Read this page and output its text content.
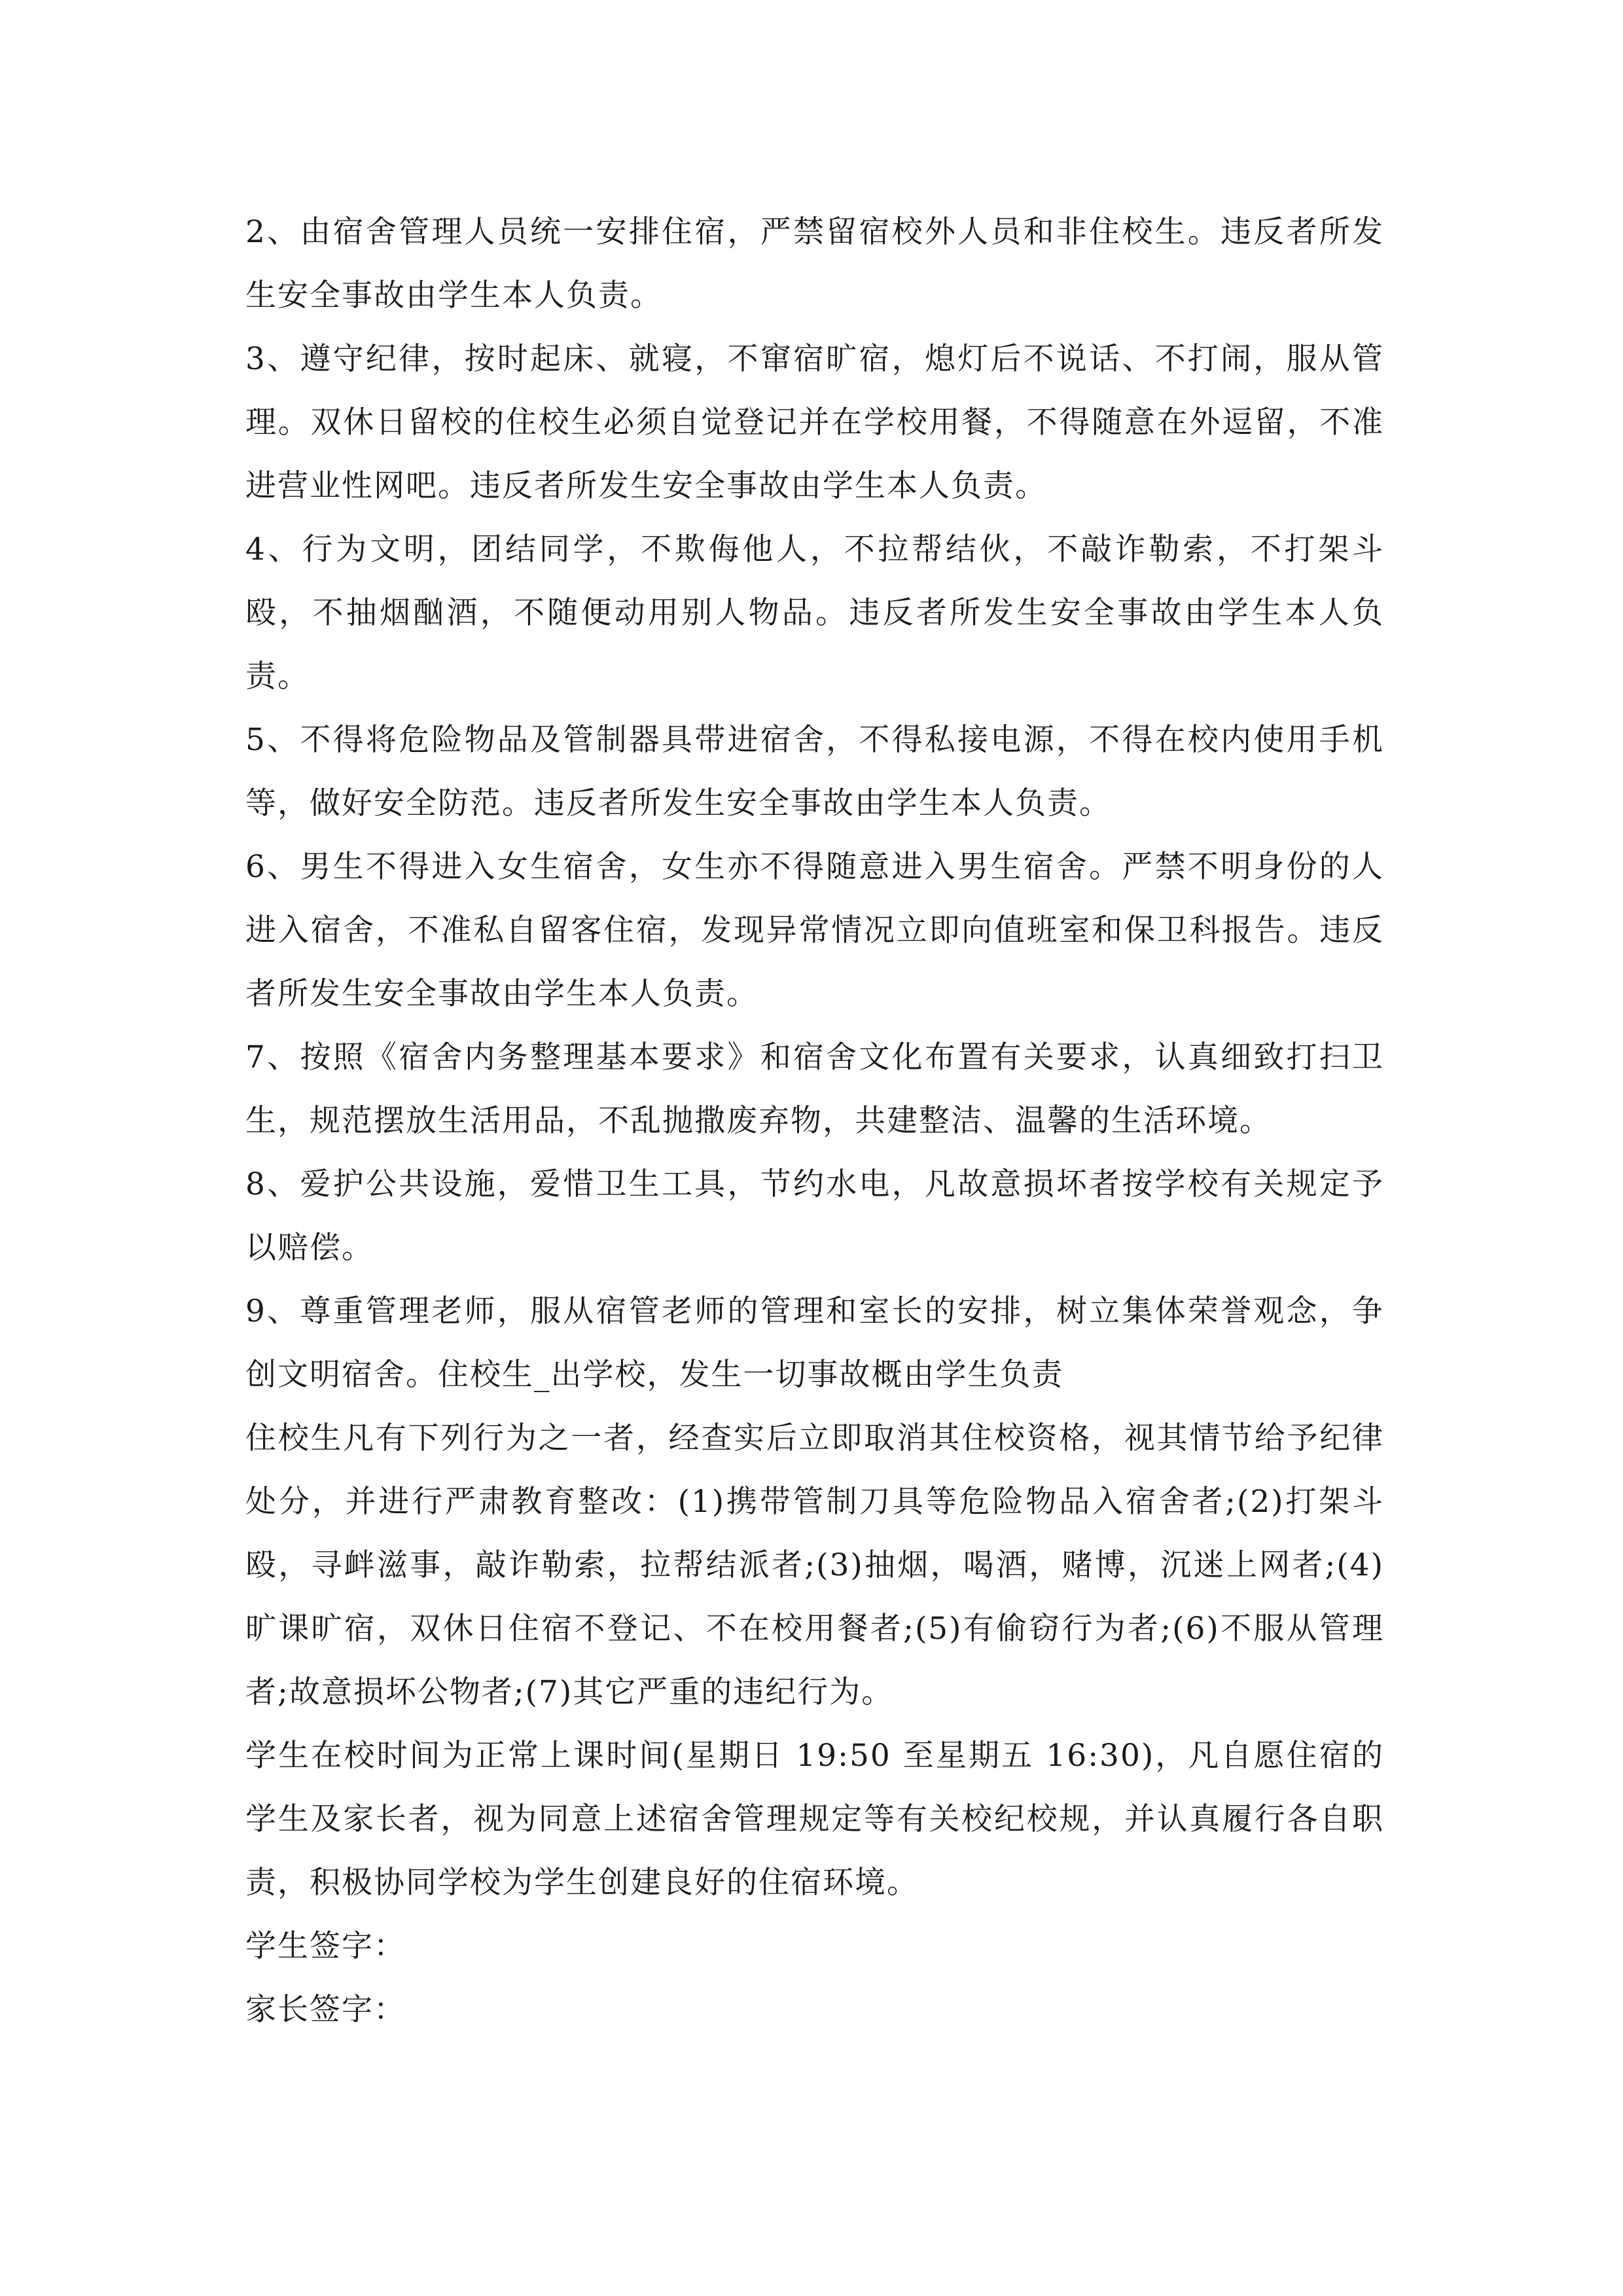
2、由宿舍管理人员统一安排住宿，严禁留宿校外人员和非住校生。违反者所发生安全事故由学生本人负责。

3、遵守纪律，按时起床、就寝，不窜宿旷宿，熄灯后不说话、不打闹，服从管理。双休日留校的住校生必须自觉登记并在学校用餐，不得随意在外逗留，不准进营业性网吧。违反者所发生安全事故由学生本人负责。

4、行为文明，团结同学，不欺侮他人，不拉帮结伙，不敲诈勒索，不打架斗殴，不抽烟酗酒，不随便动用别人物品。违反者所发生安全事故由学生本人负责。

5、不得将危险物品及管制器具带进宿舍，不得私接电源，不得在校内使用手机等，做好安全防范。违反者所发生安全事故由学生本人负责。

6、男生不得进入女生宿舍，女生亦不得随意进入男生宿舍。严禁不明身份的人进入宿舍，不准私自留客住宿，发现异常情况立即向值班室和保卫科报告。违反者所发生安全事故由学生本人负责。

7、按照《宿舍内务整理基本要求》和宿舍文化布置有关要求，认真细致打扫卫生，规范摆放生活用品，不乱抛撒废弃物，共建整洁、温馨的生活环境。

8、爱护公共设施，爱惜卫生工具，节约水电，凡故意损坏者按学校有关规定予以赔偿。

9、尊重管理老师，服从宿管老师的管理和室长的安排，树立集体荣誉观念，争创文明宿舍。住校生_出学校，发生一切事故概由学生负责

住校生凡有下列行为之一者，经查实后立即取消其住校资格，视其情节给予纪律处分，并进行严肃教育整改：(1)携带管制刀具等危险物品入宿舍者;(2)打架斗殴，寻衅滋事，敲诈勒索，拉帮结派者;(3)抽烟，喝酒，赌博，沉迷上网者;(4)旷课旷宿，双休日住宿不登记、不在校用餐者;(5)有偷窃行为者;(6)不服从管理者;故意损坏公物者;(7)其它严重的违纪行为。

学生在校时间为正常上课时间(星期日 19:50 至星期五 16:30)，凡自愿住宿的学生及家长者，视为同意上述宿舍管理规定等有关校纪校规，并认真履行各自职责，积极协同学校为学生创建良好的住宿环境。

学生签字：

家长签字：
